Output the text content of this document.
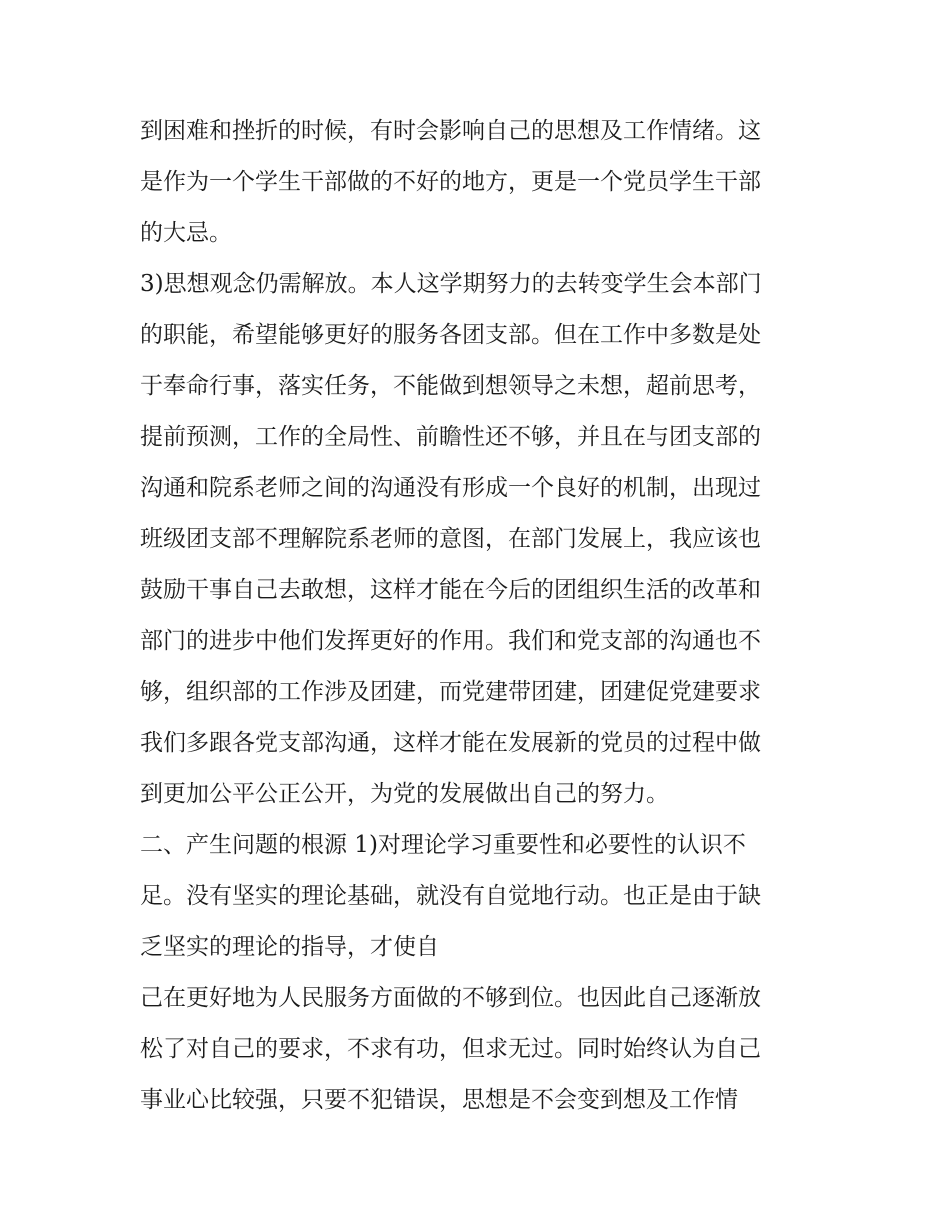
到困难和挫折的时候，有时会影响自己的思想及工作情绪。这
是作为一个学生干部做的不好的地方，更是一个党员学生干部
的大忌。
3)思想观念仍需解放。本人这学期努力的去转变学生会本部门
的职能，希望能够更好的服务各团支部。但在工作中多数是处
于奉命行事，落实任务，不能做到想领导之未想，超前思考，
提前预测，工作的全局性、前瞻性还不够，并且在与团支部的
沟通和院系老师之间的沟通没有形成一个良好的机制，出现过
班级团支部不理解院系老师的意图，在部门发展上，我应该也
鼓励干事自己去敢想，这样才能在今后的团组织生活的改革和
部门的进步中他们发挥更好的作用。我们和党支部的沟通也不
够，组织部的工作涉及团建，而党建带团建，团建促党建要求
我们多跟各党支部沟通，这样才能在发展新的党员的过程中做
到更加公平公正公开，为党的发展做出自己的努力。
二、产生问题的根源 1)对理论学习重要性和必要性的认识不
足。没有坚实的理论基础，就没有自觉地行动。也正是由于缺
乏坚实的理论的指导，才使自
己在更好地为人民服务方面做的不够到位。也因此自己逐渐放
松了对自己的要求，不求有功，但求无过。同时始终认为自己
事业心比较强，只要不犯错误，思想是不会变到想及工作情
